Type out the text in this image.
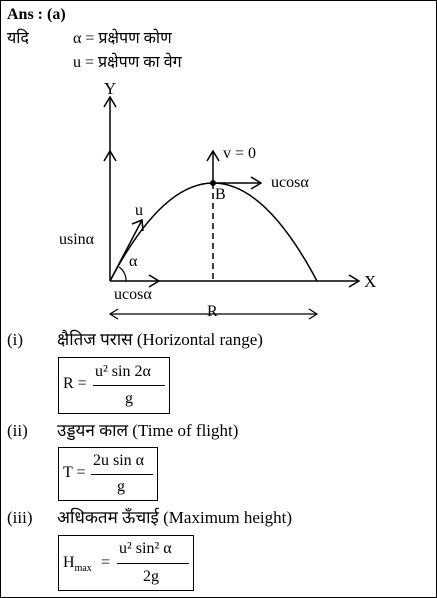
Ans : (a)
यदि	α = प्रक्षेपण कोण
u = प्रक्षेपण का वेग
Y
X
v = 0
B
ucosα
u
usinα
α
ucosα
R
(i) क्षैतिज परास (Horizontal range)
R =
u² sin 2α
g
(ii) उड्डयन काल (Time of flight)
T =
2u sin α
g
(iii) अधिकतम ऊँचाई (Maximum height)
$H_{max}$ =
u² sin² α
2g
